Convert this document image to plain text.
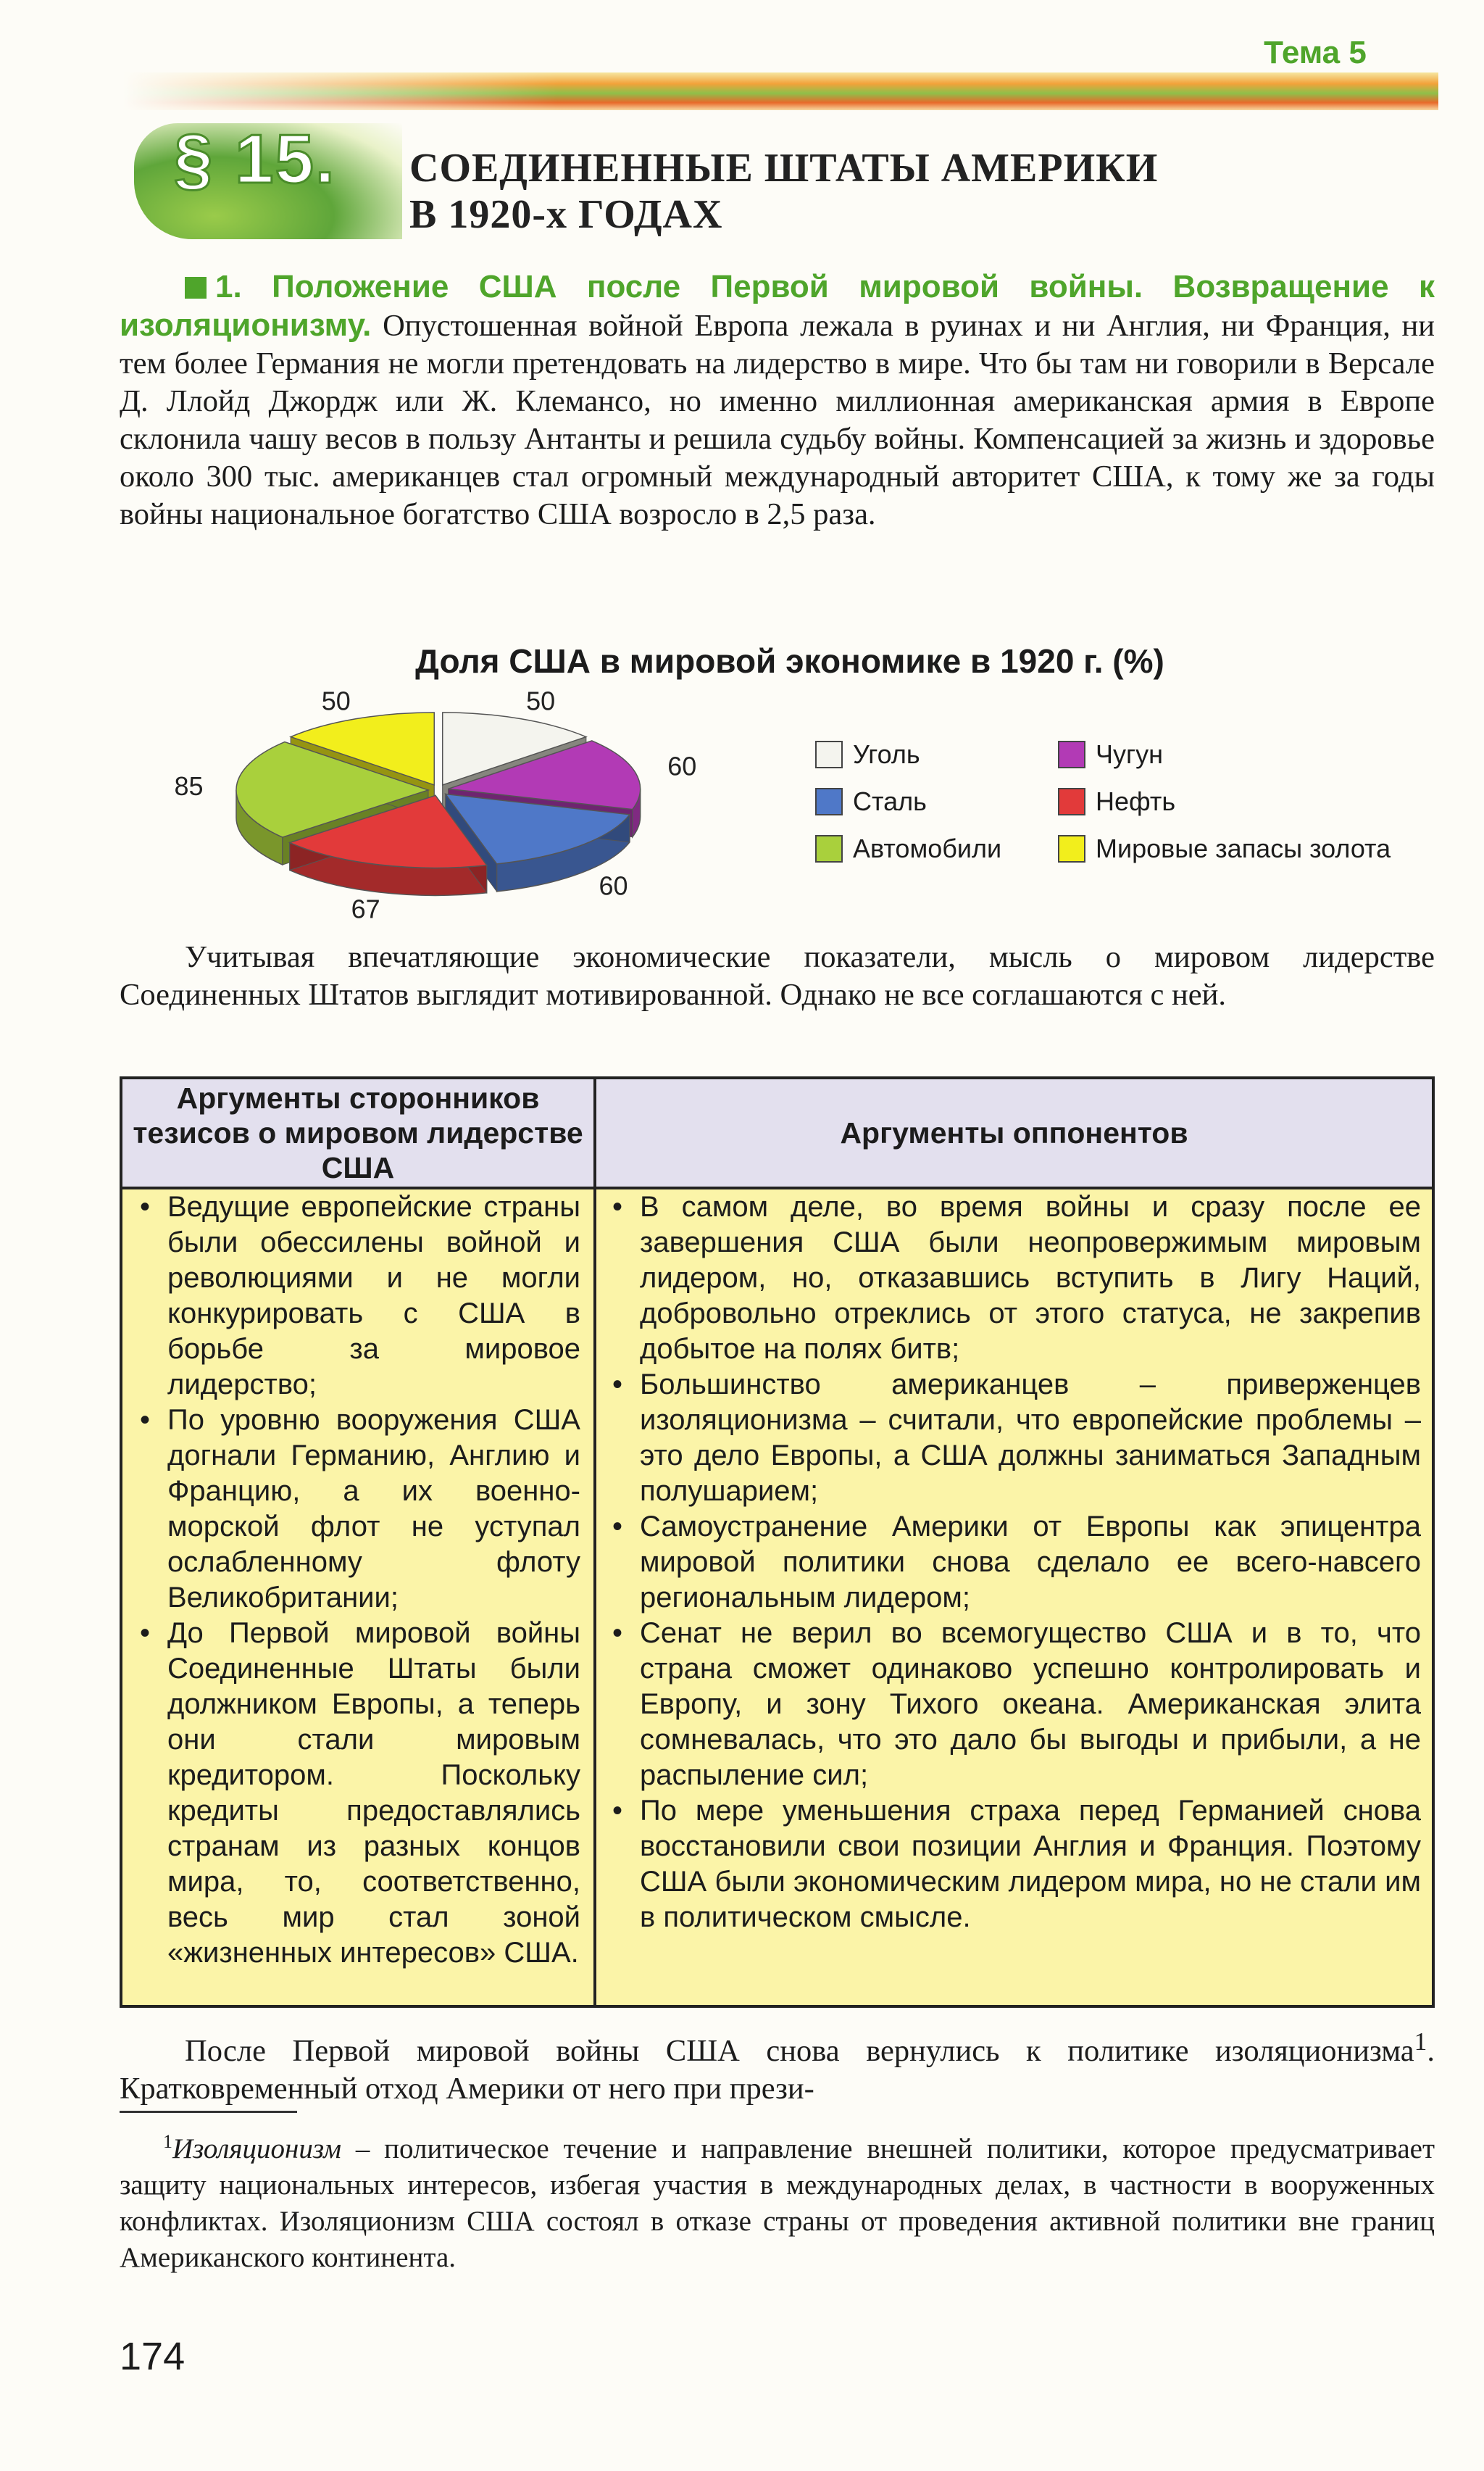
Тема 5
§ 15. СОЕДИНЕННЫЕ ШТАТЫ АМЕРИКИ
В 1920-х ГОДАХ
1. Положение США после Первой мировой войны. Возвращение к изоляционизму. Опустошенная войной Европа лежала в руинах и ни Англия, ни Франция, ни тем более Германия не могли претендовать на лидерство в мире. Что бы там ни говорили в Версале Д. Ллойд Джордж или Ж. Клемансо, но именно миллионная американская армия в Европе склонила чашу весов в пользу Антанты и решила судьбу войны. Компенсацией за жизнь и здоровье около 300 тыс. американцев стал огромный международный авторитет США, к тому же за годы войны национальное богатство США возросло в 2,5 раза.
Доля США в мировой экономике в 1920 г. (%)
50
60
60
67
85
50
Уголь
Сталь
Автомобили
Чугун
Нефть
Мировые запасы золота
Учитывая впечатляющие экономические показатели, мысль о мировом лидерстве Соединенных Штатов выглядит мотивированной. Однако не все соглашаются с ней.
Аргументы сторонников тезисов о мировом лидерстве США
Аргументы оппонентов
• Ведущие европейские страны были обессилены войной и революциями и не могли конкурировать с США в борьбе за мировое лидерство;
• По уровню вооружения США догнали Германию, Англию и Францию, а их военно-морской флот не уступал ослабленному флоту Великобритании;
• До Первой мировой войны Соединенные Штаты были должником Европы, а теперь они стали мировым кредитором. Поскольку кредиты предоставлялись странам из разных концов мира, то, соответственно, весь мир стал зоной «жизненных интересов» США.
• В самом деле, во время войны и сразу после ее завершения США были неопровержимым мировым лидером, но, отказавшись вступить в Лигу Наций, добровольно отреклись от этого статуса, не закрепив добытое на полях битв;
• Большинство американцев – приверженцев изоляционизма – считали, что европейские проблемы – это дело Европы, а США должны заниматься Западным полушарием;
• Самоустранение Америки от Европы как эпицентра мировой политики снова сделало ее всего-навсего региональным лидером;
• Сенат не верил во всемогущество США и в то, что страна сможет одинаково успешно контролировать и Европу, и зону Тихого океана. Американская элита сомневалась, что это дало бы выгоды и прибыли, а не распыление сил;
• По мере уменьшения страха перед Германией снова восстановили свои позиции Англия и Франция. Поэтому США были экономическим лидером мира, но не стали им в политическом смысле.
После Первой мировой войны США снова вернулись к политике изоляционизма$^1$. Кратковременный отход Америки от него при прези-
$^1$Изоляционизм – политическое течение и направление внешней политики, которое предусматривает защиту национальных интересов, избегая участия в международных делах, в частности в вооруженных конфликтах. Изоляционизм США состоял в отказе страны от проведения активной политики вне границ Американского континента.
174
